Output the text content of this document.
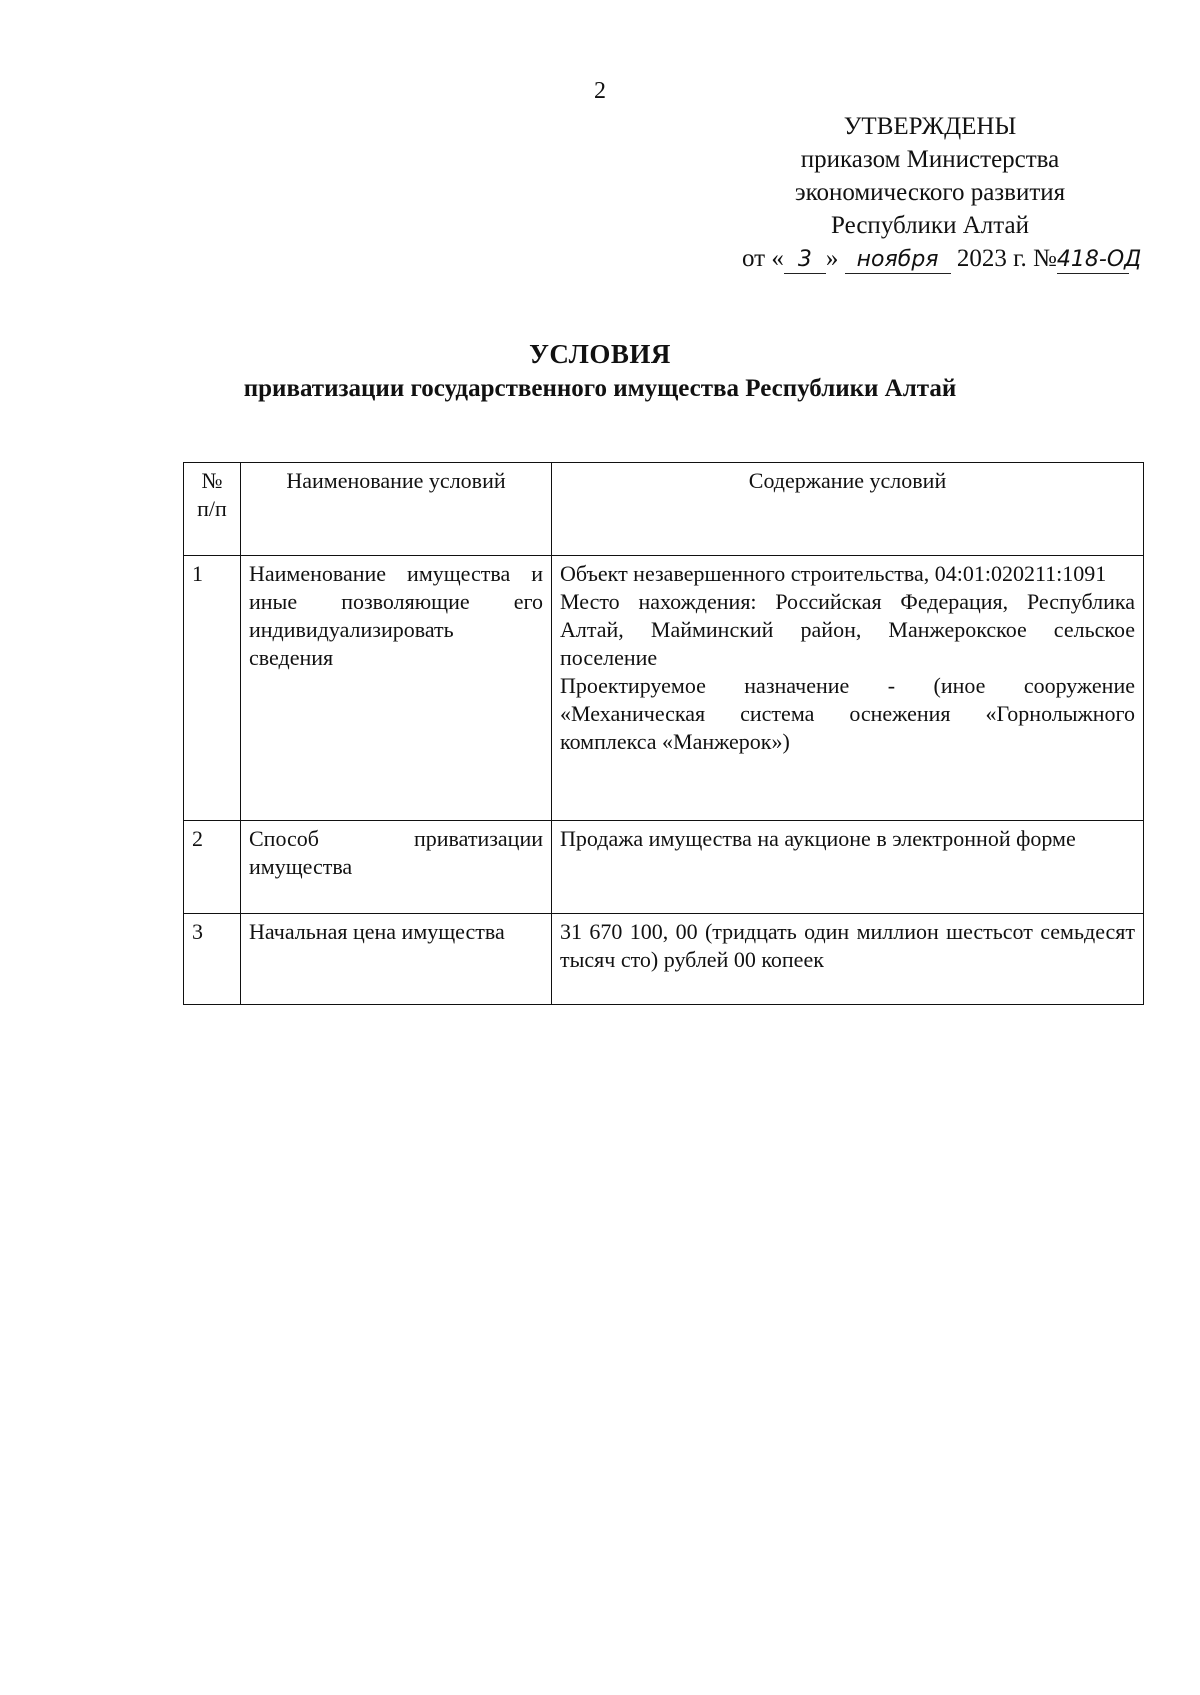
2
УТВЕРЖДЕНЫ
приказом Министерства
экономического развития
Республики Алтай
от « 3 » ноября 2023 г. №418-ОД
УСЛОВИЯ
приватизации государственного имущества Республики Алтай
№ п/п	Наименование условий	Содержание условий
1	Наименование имущества и иные позволяющие его индивидуализировать сведения	Объект незавершенного строительства, 04:01:020211:1091
Место нахождения: Российская Федерация, Республика Алтай, Майминский район, Манжерокское сельское поселение
Проектируемое назначение - (иное сооружение «Механическая система оснежения «Горнолыжного комплекса «Манжерок»)

2	Способ приватизации имущества	Продажа имущества на аукционе в электронной форме

3	Начальная цена имущества	31 670 100, 00 (тридцать один миллион шестьсот семьдесят тысяч сто) рублей 00 копеек
